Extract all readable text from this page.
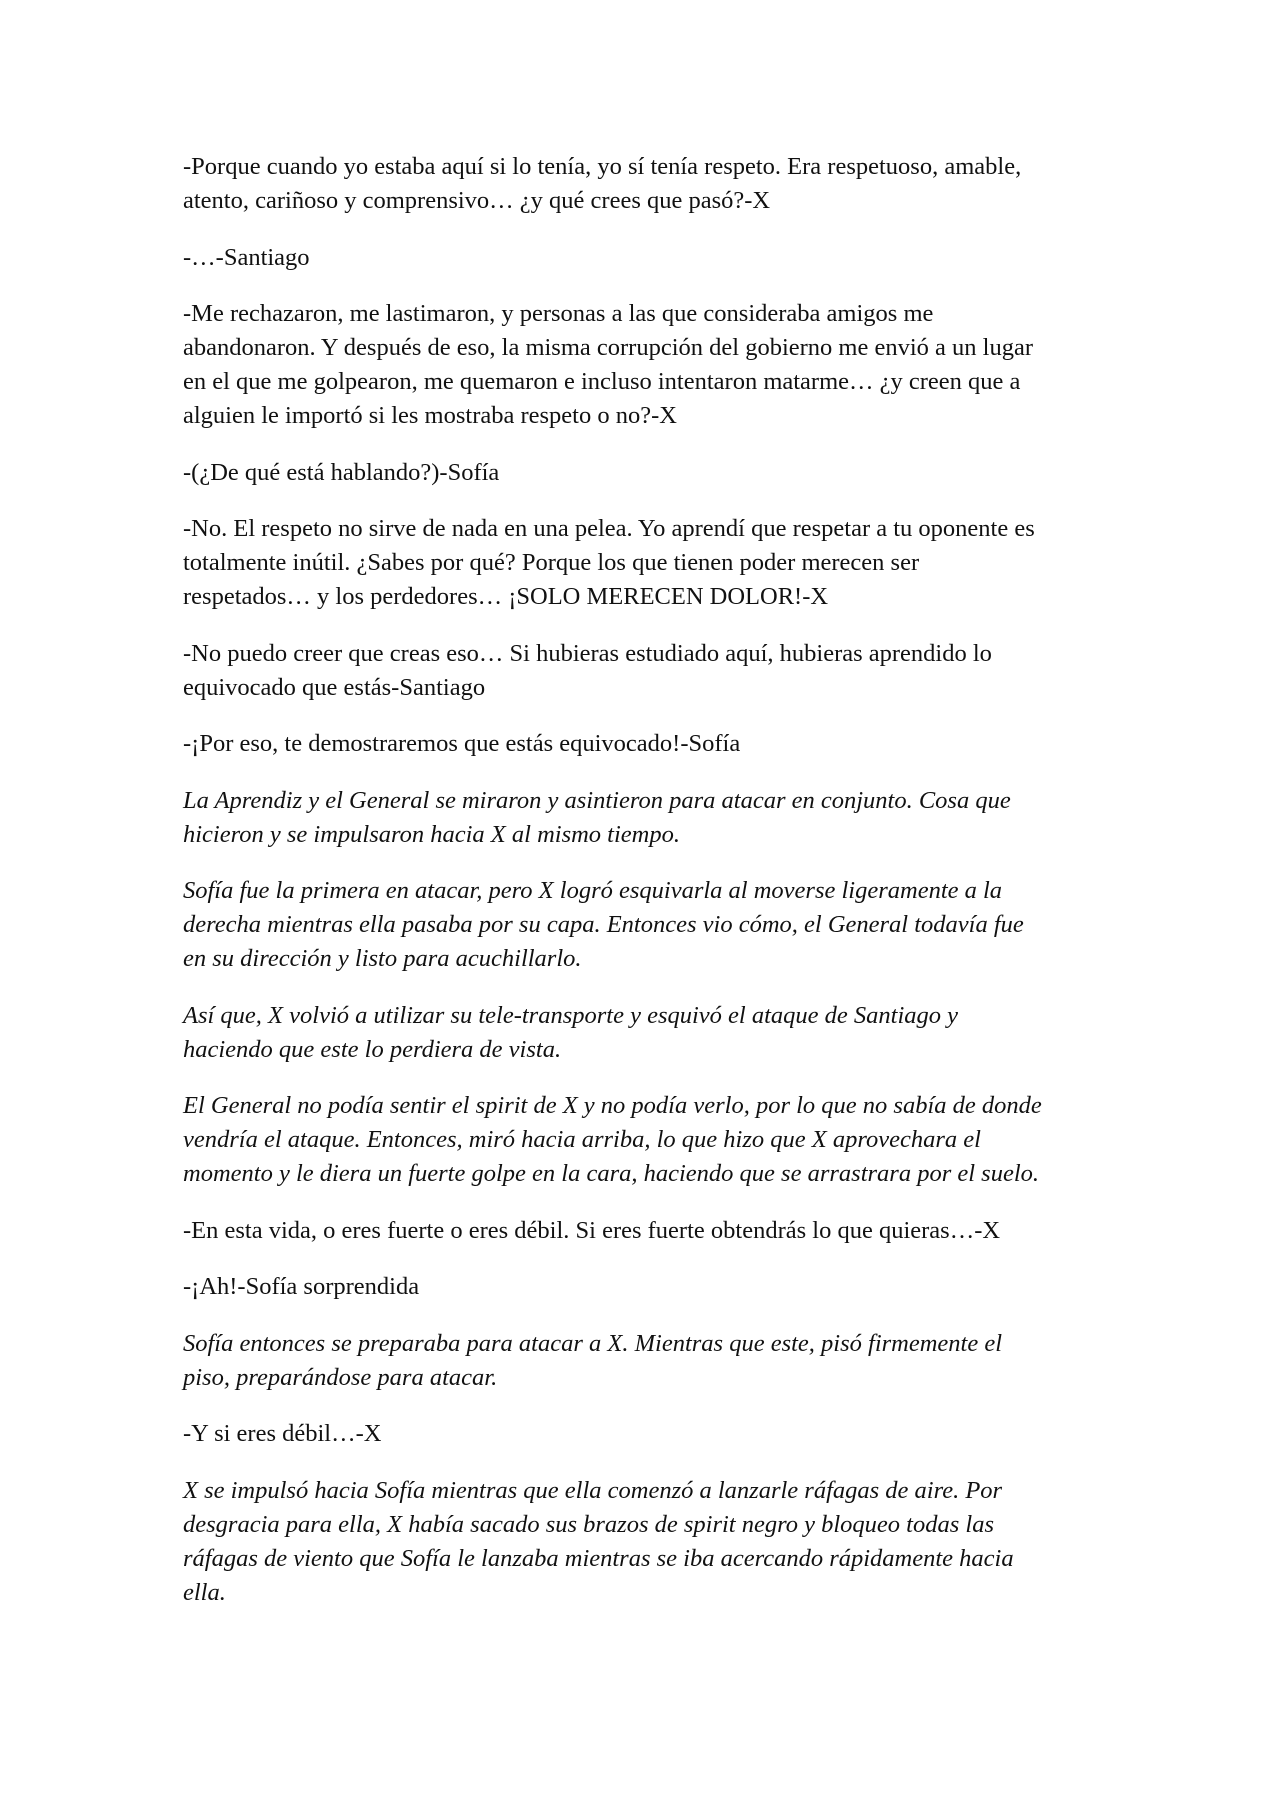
-Porque cuando yo estaba aquí si lo tenía, yo sí tenía respeto. Era respetuoso, amable,
atento, cariñoso y comprensivo… ¿y qué crees que pasó?-X

-…-Santiago

-Me rechazaron, me lastimaron, y personas a las que consideraba amigos me
abandonaron. Y después de eso, la misma corrupción del gobierno me envió a un lugar
en el que me golpearon, me quemaron e incluso intentaron matarme… ¿y creen que a
alguien le importó si les mostraba respeto o no?-X

-(¿De qué está hablando?)-Sofía

-No. El respeto no sirve de nada en una pelea. Yo aprendí que respetar a tu oponente es
totalmente inútil. ¿Sabes por qué? Porque los que tienen poder merecen ser
respetados… y los perdedores… ¡SOLO MERECEN DOLOR!-X

-No puedo creer que creas eso… Si hubieras estudiado aquí, hubieras aprendido lo
equivocado que estás-Santiago

-¡Por eso, te demostraremos que estás equivocado!-Sofía

La Aprendiz y el General se miraron y asintieron para atacar en conjunto. Cosa que
hicieron y se impulsaron hacia X al mismo tiempo.

Sofía fue la primera en atacar, pero X logró esquivarla al moverse ligeramente a la
derecha mientras ella pasaba por su capa. Entonces vio cómo, el General todavía fue
en su dirección y listo para acuchillarlo.

Así que, X volvió a utilizar su tele-transporte y esquivó el ataque de Santiago y
haciendo que este lo perdiera de vista.

El General no podía sentir el spirit de X y no podía verlo, por lo que no sabía de donde
vendría el ataque. Entonces, miró hacia arriba, lo que hizo que X aprovechara el
momento y le diera un fuerte golpe en la cara, haciendo que se arrastrara por el suelo.

-En esta vida, o eres fuerte o eres débil. Si eres fuerte obtendrás lo que quieras…-X

-¡Ah!-Sofía sorprendida

Sofía entonces se preparaba para atacar a X. Mientras que este, pisó firmemente el
piso, preparándose para atacar.

-Y si eres débil…-X

X se impulsó hacia Sofía mientras que ella comenzó a lanzarle ráfagas de aire. Por
desgracia para ella, X había sacado sus brazos de spirit negro y bloqueo todas las
ráfagas de viento que Sofía le lanzaba mientras se iba acercando rápidamente hacia
ella.
